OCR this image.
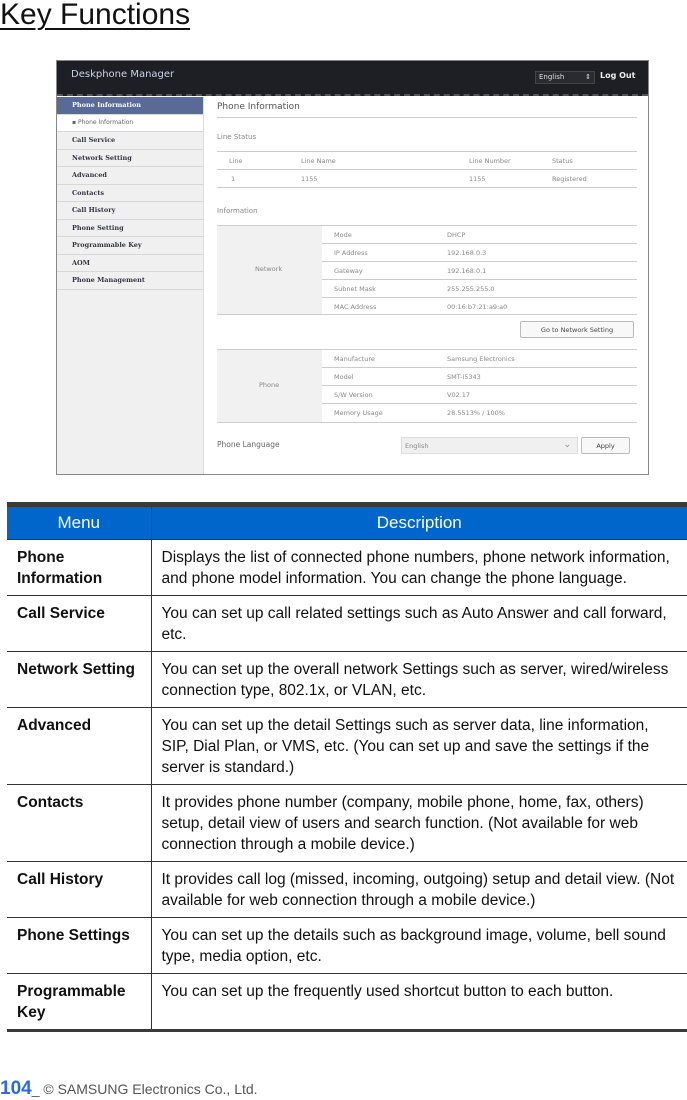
Key Functions
Deskphone Manager	English	⇕ Log Out
Phone Information
▪ Phone Information
Call Service
Network Setting
Advanced
Contacts
Call History
Phone Setting
Programmable Key
AOM
Phone Management
Phone Information
Line Status
Line	Line Name	Line Number	Status
1	1155	1155	Registered
Information
Network
Mode	DHCP
IP Address	192.168.0.3
Gateway	192.168.0.1
Subnet Mask	255.255.255.0
MAC Address	00:16:b7:21:a9:a0
Go to Network Setting
Phone
Manufacture	Samsung Electronics
Model	SMT-i5343
S/W Version	V02.17
Memory Usage	28.5513% / 100%
Phone Language	English	⌄	Apply
Menu	Description
Phone Information	Displays the list of connected phone numbers, phone network information, and phone model information. You can change the phone language.
Call Service	You can set up call related settings such as Auto Answer and call forward, etc.
Network Setting	You can set up the overall network Settings such as server, wired/wireless connection type, 802.1x, or VLAN, etc.
Advanced	You can set up the detail Settings such as server data, line information, SIP, Dial Plan, or VMS, etc. (You can set up and save the settings if the server is standard.)
Contacts	It provides phone number (company, mobile phone, home, fax, others) setup, detail view of users and search function. (Not available for web connection through a mobile device.)
Call History	It provides call log (missed, incoming, outgoing) setup and detail view. (Not available for web connection through a mobile device.)
Phone Settings	You can set up the details such as background image, volume, bell sound type, media option, etc.
Programmable Key	You can set up the frequently used shortcut button to each button.
104_ © SAMSUNG Electronics Co., Ltd.
